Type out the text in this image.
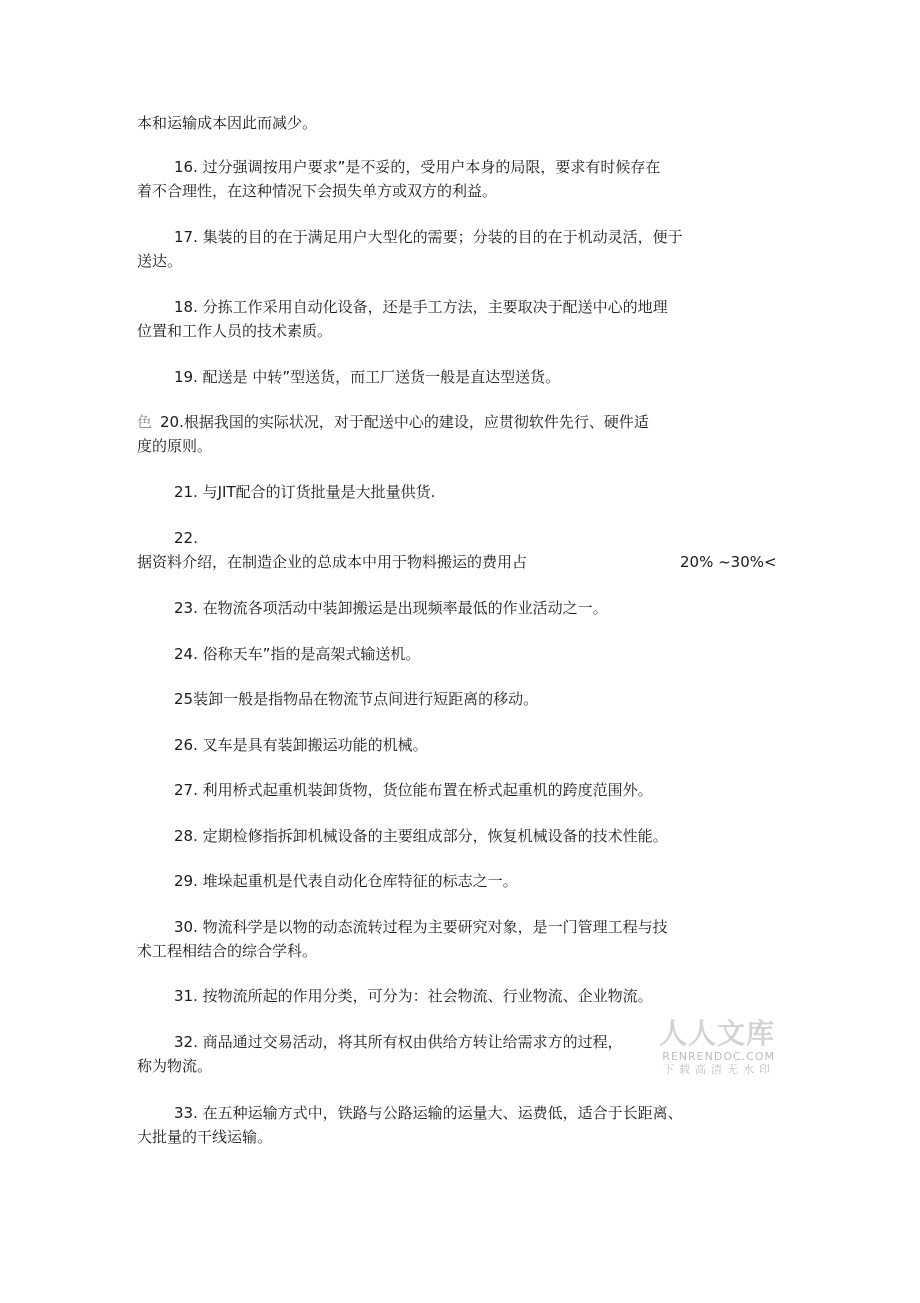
本和运输成本因此而减少。
16. 过分强调按用户要求”是不妥的，受用户本身的局限，要求有时候存在
着不合理性，在这种情况下会损失单方或双方的利益。
17. 集装的目的在于满足用户大型化的需要；分装的目的在于机动灵活，便于
送达。
18. 分拣工作采用自动化设备，还是手工方法，主要取决于配送中心的地理
位置和工作人员的技术素质。
19. 配送是 中转”型送货，而工厂送货一般是直达型送货。
色 20.根据我国的实际状况，对于配送中心的建设，应贯彻软件先行、硬件适
度的原则。
21. 与JIT配合的订货批量是大批量供货.
22.
据资料介绍，在制造企业的总成本中用于物料搬运的费用占	20% ~30%<
23. 在物流各项活动中装卸搬运是出现频率最低的作业活动之一。
24. 俗称天车”指的是高架式输送机。
25装卸一般是指物品在物流节点间进行短距离的移动。
26. 叉车是具有装卸搬运功能的机械。
27. 利用桥式起重机装卸货物，货位能布置在桥式起重机的跨度范围外。
28. 定期检修指拆卸机械设备的主要组成部分，恢复机械设备的技术性能。
29. 堆垛起重机是代表自动化仓库特征的标志之一。
30. 物流科学是以物的动态流转过程为主要研究对象，是一门管理工程与技
术工程相结合的综合学科。
31. 按物流所起的作用分类，可分为：社会物流、行业物流、企业物流。
32. 商品通过交易活动，将其所有权由供给方转让给需求方的过程，
称为物流。
33. 在五种运输方式中，铁路与公路运输的运量大、运费低，适合于长距离、
大批量的干线运输。
人人文库
RENRENDOC.COM
下载高清无水印
